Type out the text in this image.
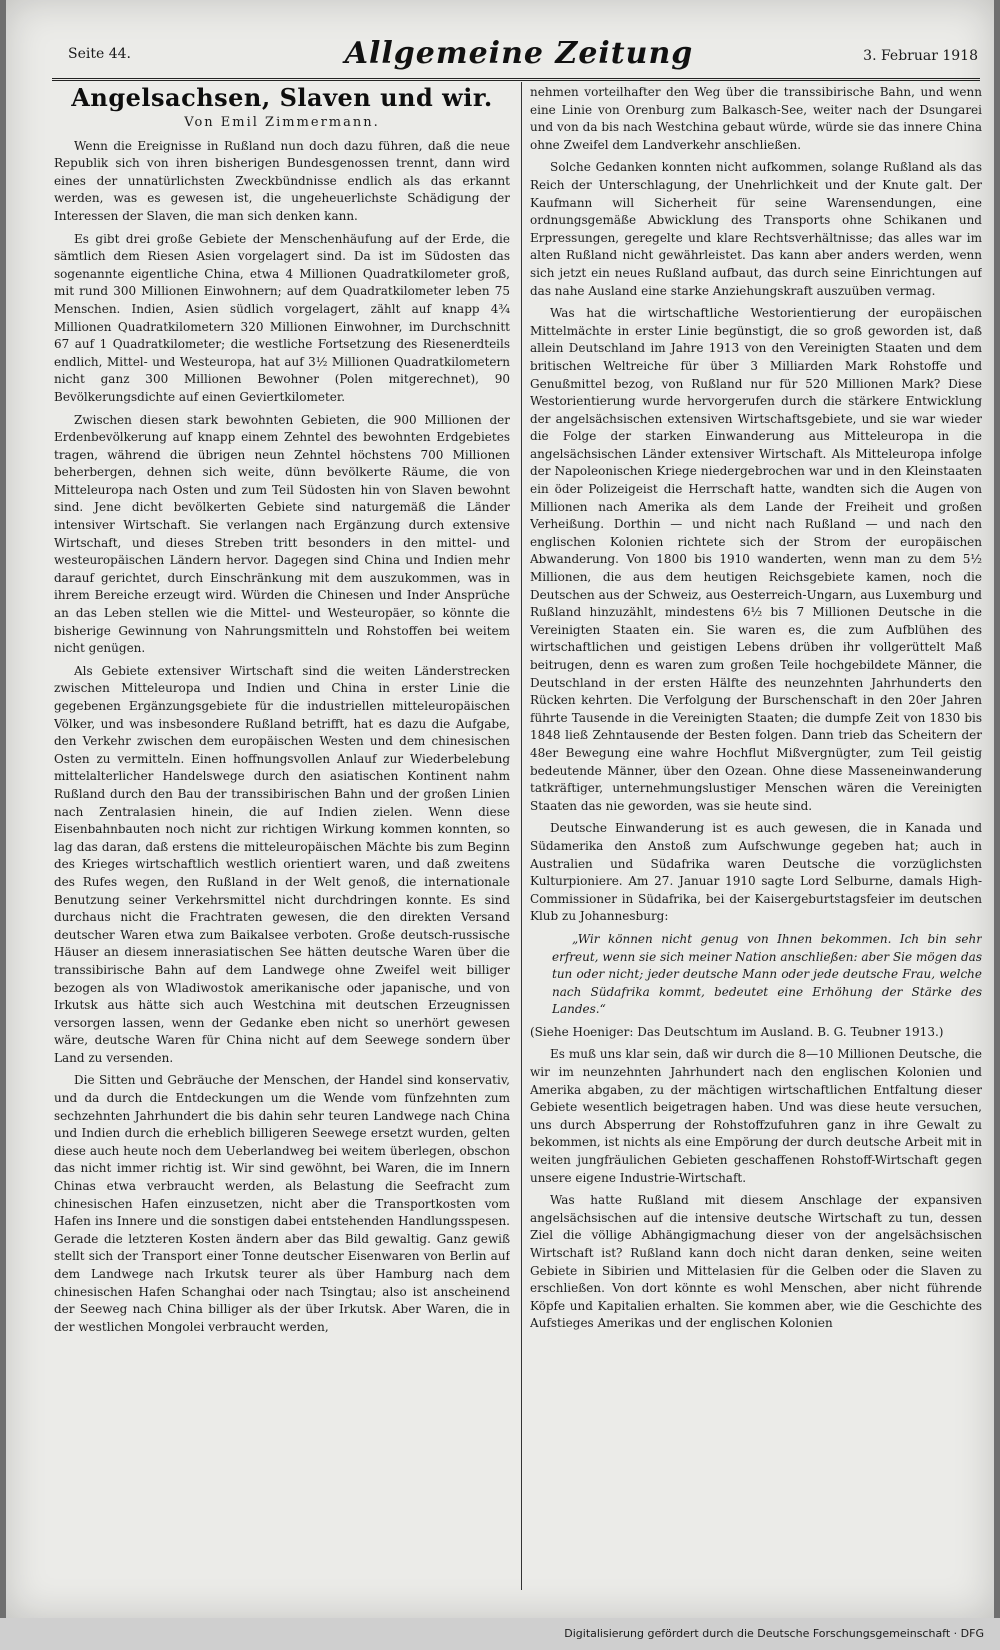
Seite 44.	Allgemeine Zeitung	3. Februar 1918
Angelsachsen, Slaven und wir.
Von Emil Zimmermann.

Wenn die Ereignisse in Rußland nun doch dazu führen, daß die neue Republik sich von ihren bisherigen Bundesgenossen trennt, dann wird eines der unnatürlichsten Zweckbündnisse endlich als das erkannt werden, was es gewesen ist, die ungeheuerlichste Schädigung der Interessen der Slaven, die man sich denken kann.

Es gibt drei große Gebiete der Menschenhäufung auf der Erde, die sämtlich dem Riesen Asien vorgelagert sind. Da ist im Südosten das sogenannte eigentliche China, etwa 4 Millionen Quadratkilometer groß, mit rund 300 Millionen Einwohnern; auf dem Quadratkilometer leben 75 Menschen. Indien, Asien südlich vorgelagert, zählt auf knapp 4¾ Millionen Quadratkilometern 320 Millionen Einwohner, im Durchschnitt 67 auf 1 Quadratkilometer; die westliche Fortsetzung des Riesenerdteils endlich, Mittel- und Westeuropa, hat auf 3½ Millionen Quadratkilometern nicht ganz 300 Millionen Bewohner (Polen mitgerechnet), 90 Bevölkerungsdichte auf einen Geviertkilometer.

Zwischen diesen stark bewohnten Gebieten, die 900 Millionen der Erdenbevölkerung auf knapp einem Zehntel des bewohnten Erdgebietes tragen, während die übrigen neun Zehntel höchstens 700 Millionen beherbergen, dehnen sich weite, dünn bevölkerte Räume, die von Mitteleuropa nach Osten und zum Teil Südosten hin von Slaven bewohnt sind. Jene dicht bevölkerten Gebiete sind naturgemäß die Länder intensiver Wirtschaft. Sie verlangen nach Ergänzung durch extensive Wirtschaft, und dieses Streben tritt besonders in den mittel- und westeuropäischen Ländern hervor. Dagegen sind China und Indien mehr darauf gerichtet, durch Einschränkung mit dem auszukommen, was in ihrem Bereiche erzeugt wird. Würden die Chinesen und Inder Ansprüche an das Leben stellen wie die Mittel- und Westeuropäer, so könnte die bisherige Gewinnung von Nahrungsmitteln und Rohstoffen bei weitem nicht genügen.

Als Gebiete extensiver Wirtschaft sind die weiten Länderstrecken zwischen Mitteleuropa und Indien und China in erster Linie die gegebenen Ergänzungsgebiete für die industriellen mitteleuropäischen Völker, und was insbesondere Rußland betrifft, hat es dazu die Aufgabe, den Verkehr zwischen dem europäischen Westen und dem chinesischen Osten zu vermitteln. Einen hoffnungsvollen Anlauf zur Wiederbelebung mittelalterlicher Handelswege durch den asiatischen Kontinent nahm Rußland durch den Bau der transsibirischen Bahn und der großen Linien nach Zentralasien hinein, die auf Indien zielen. Wenn diese Eisenbahnbauten noch nicht zur richtigen Wirkung kommen konnten, so lag das daran, daß erstens die mitteleuropäischen Mächte bis zum Beginn des Krieges wirtschaftlich westlich orientiert waren, und daß zweitens des Rufes wegen, den Rußland in der Welt genoß, die internationale Benutzung seiner Verkehrsmittel nicht durchdringen konnte. Es sind durchaus nicht die Frachtraten gewesen, die den direkten Versand deutscher Waren etwa zum Baikalsee verboten. Große deutsch-russische Häuser an diesem innerasiatischen See hätten deutsche Waren über die transsibirische Bahn auf dem Landwege ohne Zweifel weit billiger bezogen als von Wladiwostok amerikanische oder japanische, und von Irkutsk aus hätte sich auch Westchina mit deutschen Erzeugnissen versorgen lassen, wenn der Gedanke eben nicht so unerhört gewesen wäre, deutsche Waren für China nicht auf dem Seewege sondern über Land zu versenden.

Die Sitten und Gebräuche der Menschen, der Handel sind konservativ, und da durch die Entdeckungen um die Wende vom fünfzehnten zum sechzehnten Jahrhundert die bis dahin sehr teuren Landwege nach China und Indien durch die erheblich billigeren Seewege ersetzt wurden, gelten diese auch heute noch dem Ueberlandweg bei weitem überlegen, obschon das nicht immer richtig ist. Wir sind gewöhnt, bei Waren, die im Innern Chinas etwa verbraucht werden, als Belastung die Seefracht zum chinesischen Hafen einzusetzen, nicht aber die Transportkosten vom Hafen ins Innere und die sonstigen dabei entstehenden Handlungsspesen. Gerade die letzteren Kosten ändern aber das Bild gewaltig. Ganz gewiß stellt sich der Transport einer Tonne deutscher Eisenwaren von Berlin auf dem Landwege nach Irkutsk teurer als über Hamburg nach dem chinesischen Hafen Schanghai oder nach Tsingtau; also ist anscheinend der Seeweg nach China billiger als der über Irkutsk. Aber Waren, die in der westlichen Mongolei verbraucht werden,

nehmen vorteilhafter den Weg über die transsibirische Bahn, und wenn eine Linie von Orenburg zum Balkasch-See, weiter nach der Dsungarei und von da bis nach Westchina gebaut würde, würde sie das innere China ohne Zweifel dem Landverkehr anschließen.

Solche Gedanken konnten nicht aufkommen, solange Rußland als das Reich der Unterschlagung, der Unehrlichkeit und der Knute galt. Der Kaufmann will Sicherheit für seine Warensendungen, eine ordnungsgemäße Abwicklung des Transports ohne Schikanen und Erpressungen, geregelte und klare Rechtsverhältnisse; das alles war im alten Rußland nicht gewährleistet. Das kann aber anders werden, wenn sich jetzt ein neues Rußland aufbaut, das durch seine Einrichtungen auf das nahe Ausland eine starke Anziehungskraft auszuüben vermag.

Was hat die wirtschaftliche Westorientierung der europäischen Mittelmächte in erster Linie begünstigt, die so groß geworden ist, daß allein Deutschland im Jahre 1913 von den Vereinigten Staaten und dem britischen Weltreiche für über 3 Milliarden Mark Rohstoffe und Genußmittel bezog, von Rußland nur für 520 Millionen Mark? Diese Westorientierung wurde hervorgerufen durch die stärkere Entwicklung der angelsächsischen extensiven Wirtschaftsgebiete, und sie war wieder die Folge der starken Einwanderung aus Mitteleuropa in die angelsächsischen Länder extensiver Wirtschaft. Als Mitteleuropa infolge der Napoleonischen Kriege niedergebrochen war und in den Kleinstaaten ein öder Polizeigeist die Herrschaft hatte, wandten sich die Augen von Millionen nach Amerika als dem Lande der Freiheit und großen Verheißung. Dorthin — und nicht nach Rußland — und nach den englischen Kolonien richtete sich der Strom der europäischen Abwanderung. Von 1800 bis 1910 wanderten, wenn man zu dem 5½ Millionen, die aus dem heutigen Reichsgebiete kamen, noch die Deutschen aus der Schweiz, aus Oesterreich-Ungarn, aus Luxemburg und Rußland hinzuzählt, mindestens 6½ bis 7 Millionen Deutsche in die Vereinigten Staaten ein. Sie waren es, die zum Aufblühen des wirtschaftlichen und geistigen Lebens drüben ihr vollgerüttelt Maß beitrugen, denn es waren zum großen Teile hochgebildete Männer, die Deutschland in der ersten Hälfte des neunzehnten Jahrhunderts den Rücken kehrten. Die Verfolgung der Burschenschaft in den 20er Jahren führte Tausende in die Vereinigten Staaten; die dumpfe Zeit von 1830 bis 1848 ließ Zehntausende der Besten folgen. Dann trieb das Scheitern der 48er Bewegung eine wahre Hochflut Mißvergnügter, zum Teil geistig bedeutende Männer, über den Ozean. Ohne diese Masseneinwanderung tatkräftiger, unternehmungslustiger Menschen wären die Vereinigten Staaten das nie geworden, was sie heute sind.

Deutsche Einwanderung ist es auch gewesen, die in Kanada und Südamerika den Anstoß zum Aufschwunge gegeben hat; auch in Australien und Südafrika waren Deutsche die vorzüglichsten Kulturpioniere. Am 27. Januar 1910 sagte Lord Selburne, damals High-Commissioner in Südafrika, bei der Kaisergeburtstagsfeier im deutschen Klub zu Johannesburg:

„Wir können nicht genug von Ihnen bekommen. Ich bin sehr erfreut, wenn sie sich meiner Nation anschließen: aber Sie mögen das tun oder nicht; jeder deutsche Mann oder jede deutsche Frau, welche nach Südafrika kommt, bedeutet eine Erhöhung der Stärke des Landes.“

(Siehe Hoeniger: Das Deutschtum im Ausland. B. G. Teubner 1913.)

Es muß uns klar sein, daß wir durch die 8—10 Millionen Deutsche, die wir im neunzehnten Jahrhundert nach den englischen Kolonien und Amerika abgaben, zu der mächtigen wirtschaftlichen Entfaltung dieser Gebiete wesentlich beigetragen haben. Und was diese heute versuchen, uns durch Absperrung der Rohstoffzufuhren ganz in ihre Gewalt zu bekommen, ist nichts als eine Empörung der durch deutsche Arbeit mit in weiten jungfräulichen Gebieten geschaffenen Rohstoff-Wirtschaft gegen unsere eigene Industrie-Wirtschaft.

Was hatte Rußland mit diesem Anschlage der expansiven angelsächsischen auf die intensive deutsche Wirtschaft zu tun, dessen Ziel die völlige Abhängigmachung dieser von der angelsächsischen Wirtschaft ist? Rußland kann doch nicht daran denken, seine weiten Gebiete in Sibirien und Mittelasien für die Gelben oder die Slaven zu erschließen. Von dort könnte es wohl Menschen, aber nicht führende Köpfe und Kapitalien erhalten. Sie kommen aber, wie die Geschichte des Aufstieges Amerikas und der englischen Kolonien

Digitalisierung gefördert durch die Deutsche Forschungsgemeinschaft · DFG
